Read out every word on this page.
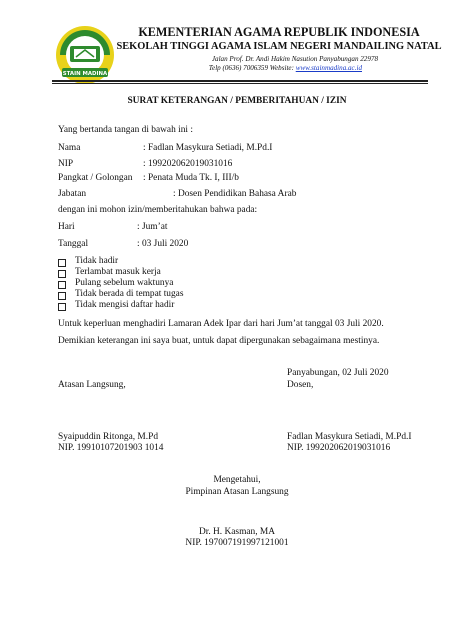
STAIN MADINA
KEMENTERIAN AGAMA REPUBLIK INDONESIA
SEKOLAH TINGGI AGAMA ISLAM NEGERI MANDAILING NATAL
Jalan Prof. Dr. Andi Hakim Nasution Panyabungan 22978
Telp (0636) 7006359 Website: www.stainmadina.ac.id
SURAT KETERANGAN / PEMBERITAHUAN / IZIN
Yang bertanda tangan di bawah ini :
Nama	: Fadlan Masykura Setiadi, M.Pd.I
NIP	: 199202062019031016
Pangkat / Golongan : Penata Muda Tk. I, III/b
Jabatan	: Dosen Pendidikan Bahasa Arab
dengan ini mohon izin/memberitahukan bahwa pada:
Hari	: Jum’at
Tanggal	: 03 Juli 2020
Tidak hadir
Terlambat masuk kerja
Pulang sebelum waktunya
Tidak berada di tempat tugas
Tidak mengisi daftar hadir
Untuk keperluan menghadiri Lamaran Adek Ipar dari hari Jum’at tanggal 03 Juli 2020.
Demikian keterangan ini saya buat, untuk dapat dipergunakan sebagaimana mestinya.
Panyabungan, 02 Juli 2020
Atasan Langsung,	Dosen,
Syaipuddin Ritonga, M.Pd
NIP. 19910107201903 1014
Fadlan Masykura Setiadi, M.Pd.I
NIP. 199202062019031016
Mengetahui,
Pimpinan Atasan Langsung
Dr. H. Kasman, MA
NIP. 197007191997121001
